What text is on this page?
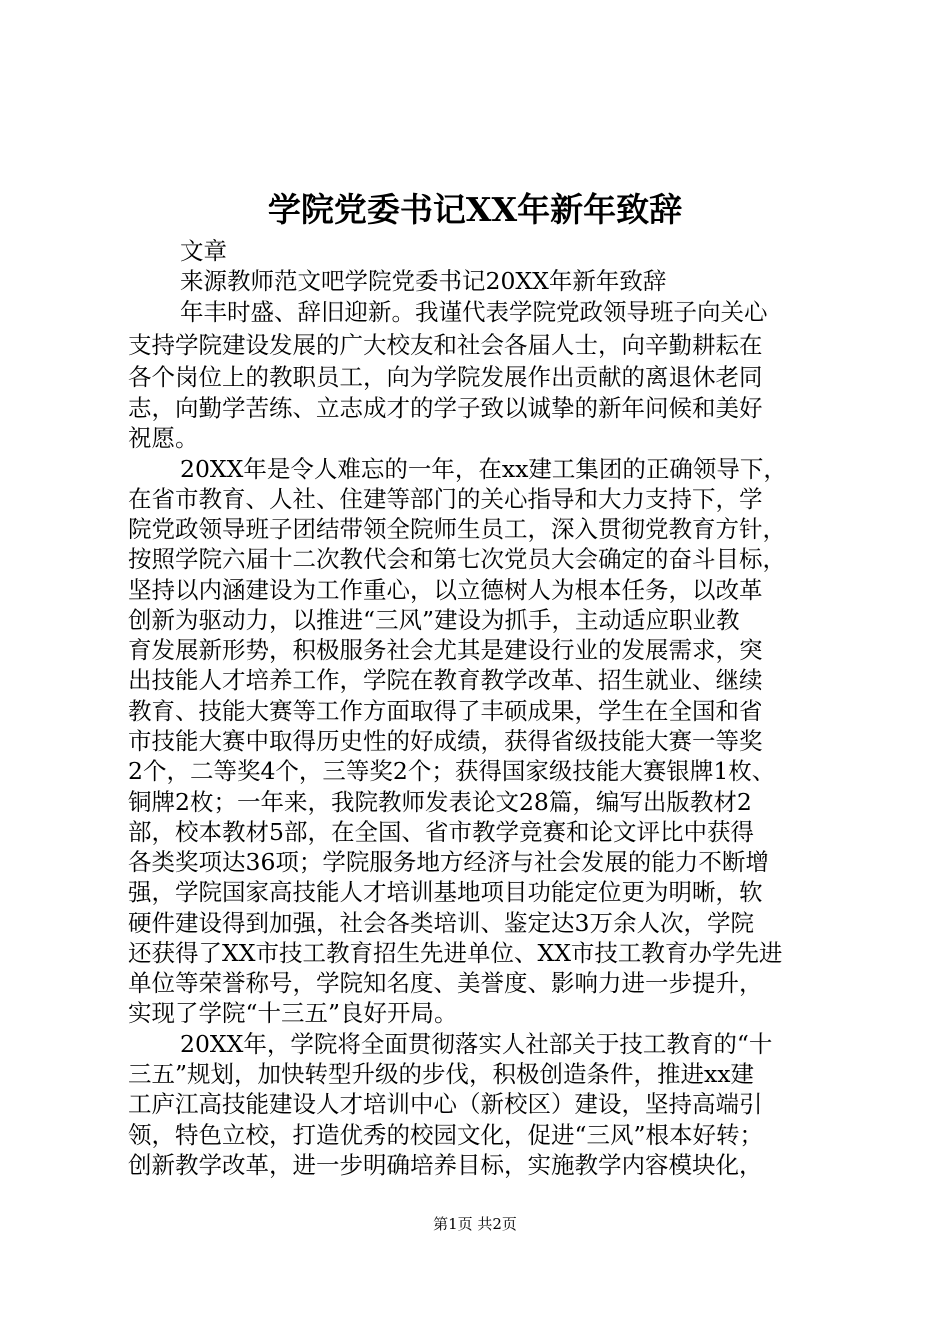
学院党委书记XX年新年致辞
文章
来源教师范文吧学院党委书记20XX年新年致辞
年丰时盛、辞旧迎新。我谨代表学院党政领导班子向关心
支持学院建设发展的广大校友和社会各届人士，向辛勤耕耘在
各个岗位上的教职员工，向为学院发展作出贡献的离退休老同
志，向勤学苦练、立志成才的学子致以诚挚的新年问候和美好
祝愿。
20XX年是令人难忘的一年，在xx建工集团的正确领导下，
在省市教育、人社、住建等部门的关心指导和大力支持下，学
院党政领导班子团结带领全院师生员工，深入贯彻党教育方针，
按照学院六届十二次教代会和第七次党员大会确定的奋斗目标，
坚持以内涵建设为工作重心，以立德树人为根本任务，以改革
创新为驱动力，以推进“三风”建设为抓手，主动适应职业教
育发展新形势，积极服务社会尤其是建设行业的发展需求，突
出技能人才培养工作，学院在教育教学改革、招生就业、继续
教育、技能大赛等工作方面取得了丰硕成果，学生在全国和省
市技能大赛中取得历史性的好成绩，获得省级技能大赛一等奖
2个，二等奖4个，三等奖2个；获得国家级技能大赛银牌1枚、
铜牌2枚；一年来，我院教师发表论文28篇，编写出版教材2
部，校本教材5部，在全国、省市教学竞赛和论文评比中获得
各类奖项达36项；学院服务地方经济与社会发展的能力不断增
强，学院国家高技能人才培训基地项目功能定位更为明晰，软
硬件建设得到加强，社会各类培训、鉴定达3万余人次，学院
还获得了XX市技工教育招生先进单位、XX市技工教育办学先进
单位等荣誉称号，学院知名度、美誉度、影响力进一步提升，
实现了学院“十三五”良好开局。
20XX年，学院将全面贯彻落实人社部关于技工教育的“十
三五”规划，加快转型升级的步伐，积极创造条件，推进xx建
工庐江高技能建设人才培训中心（新校区）建设，坚持高端引
领，特色立校，打造优秀的校园文化，促进“三风”根本好转；
创新教学改革，进一步明确培养目标，实施教学内容模块化，
第1页 共2页
